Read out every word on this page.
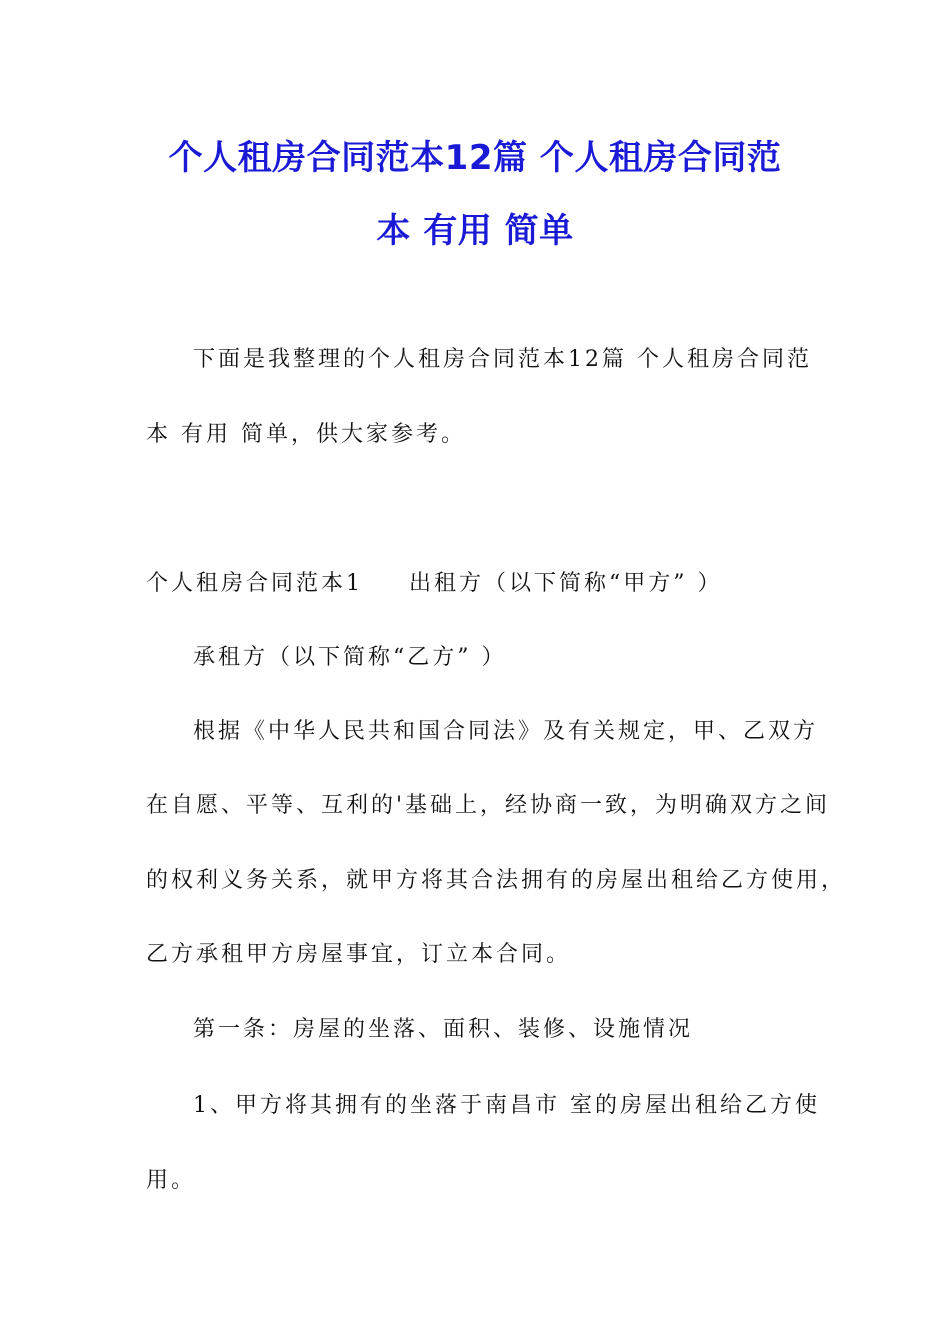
个人租房合同范本12篇 个人租房合同范
本 有用 简单
下面是我整理的个人租房合同范本12篇 个人租房合同范
本 有用 简单，供大家参考。
个人租房合同范本1 出租方（以下简称“甲方” ）
承租方（以下简称“乙方” ）
根据《中华人民共和国合同法》及有关规定，甲、乙双方
在自愿、平等、互利的'基础上，经协商一致，为明确双方之间
的权利义务关系，就甲方将其合法拥有的房屋出租给乙方使用，
乙方承租甲方房屋事宜，订立本合同。
第一条：房屋的坐落、面积、装修、设施情况
1、甲方将其拥有的坐落于南昌市 室的房屋出租给乙方使
用。
